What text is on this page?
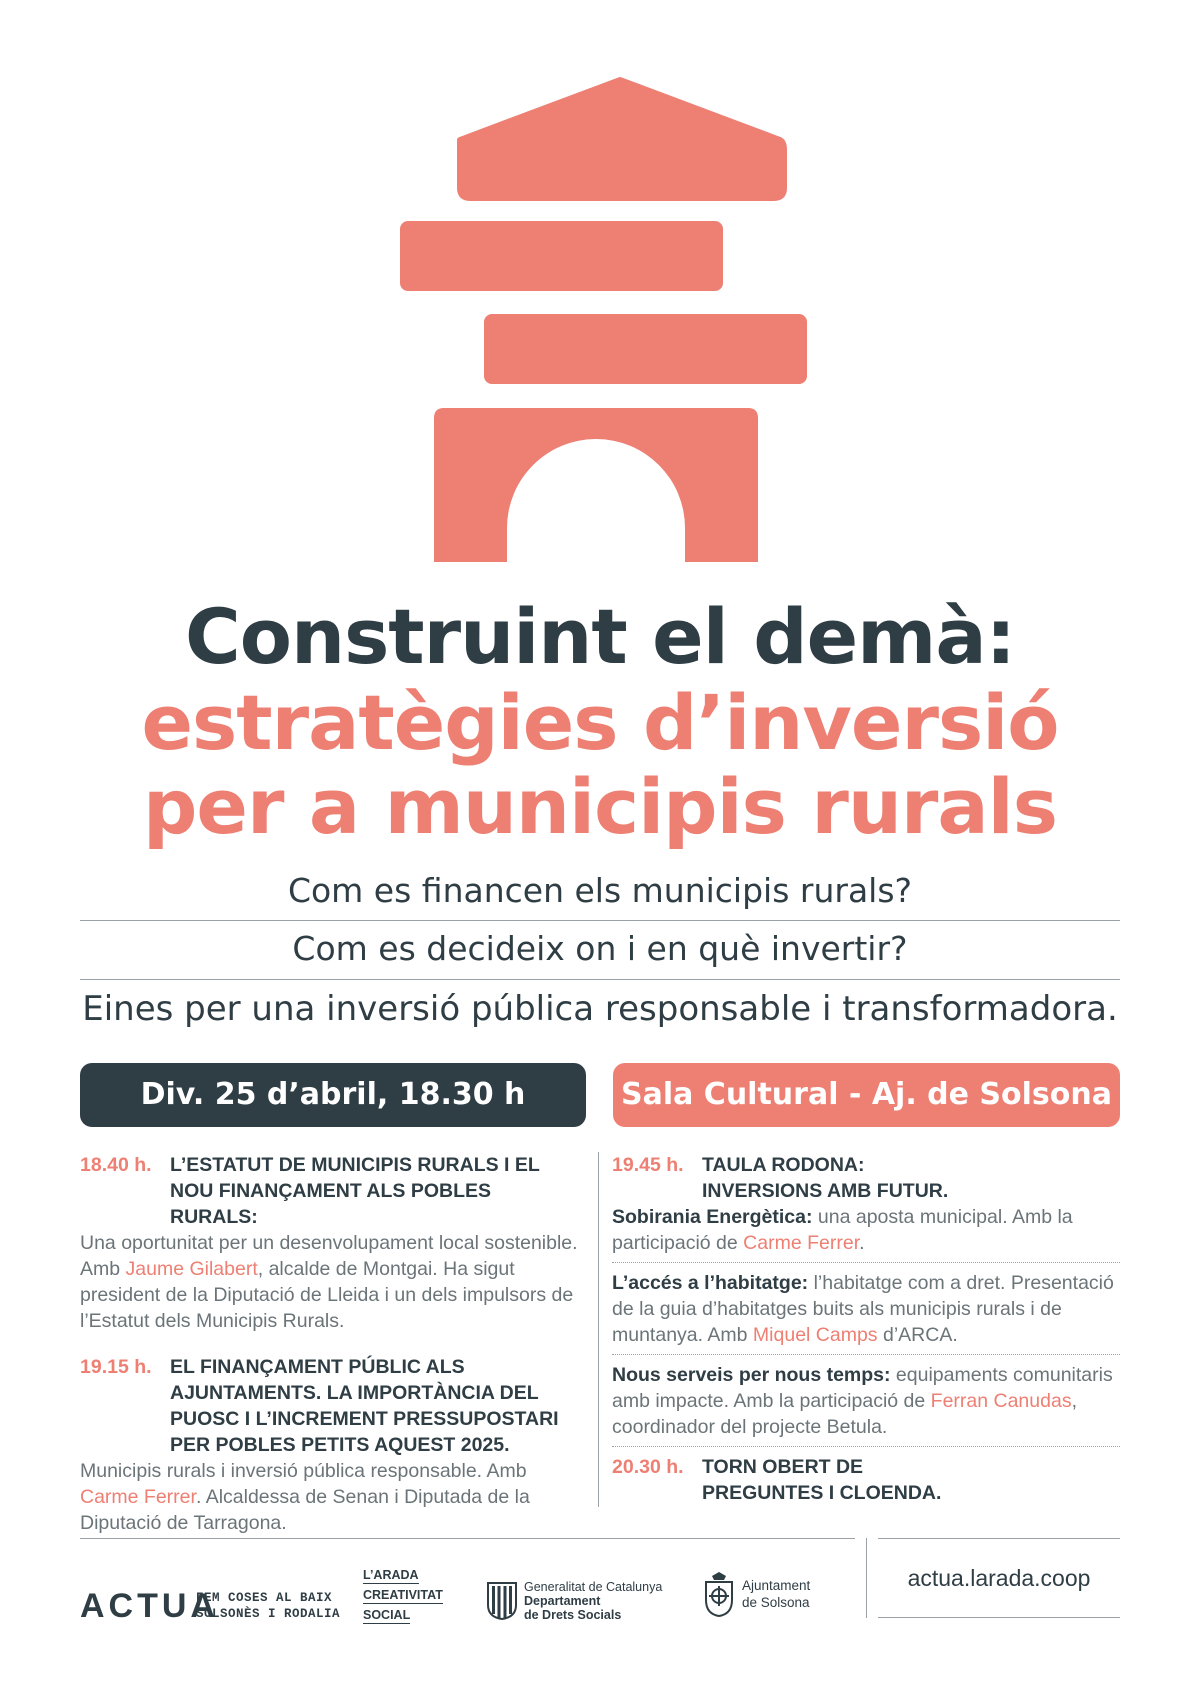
Construint el demà:
estratègies d’inversió
per a municipis rurals
Com es financen els municipis rurals?
Com es decideix on i en què invertir?
Eines per una inversió pública responsable i transformadora.
Div. 25 d’abril, 18.30 h	Sala Cultural - Aj. de Solsona
18.40 h. L’ESTATUT DE MUNICIPIS RURALS I EL NOU FINANÇAMENT ALS POBLES RURALS:

Una oportunitat per un desenvolupament local sostenible. Amb Jaume Gilabert, alcalde de Montgai. Ha sigut president de la Diputació de Lleida i un dels impulsors de l’Estatut dels Municipis Rurals.

19.15 h. EL FINANÇAMENT PÚBLIC ALS AJUNTAMENTS. LA IMPORTÀNCIA DEL PUOSC I L’INCREMENT PRESSUPOSTARI PER POBLES PETITS AQUEST 2025.

Municipis rurals i inversió pública responsable. Amb Carme Ferrer. Alcaldessa de Senan i Diputada de la Diputació de Tarragona.

19.45 h. TAULA RODONA: INVERSIONS AMB FUTUR.

Sobirania Energètica: una aposta municipal. Amb la participació de Carme Ferrer.

L’accés a l’habitatge: l’habitatge com a dret. Presentació de la guia d’habitatges buits als municipis rurals i de muntanya. Amb Miquel Camps d’ARCA.

Nous serveis per nous temps: equipaments comunitaris amb impacte. Amb la participació de Ferran Canudas, coordinador del projecte Betula.

20.30 h. TORN OBERT DE PREGUNTES I CLOENDA.
ACTUA
FEM COSES AL BAIX
SOLSONÈS I RODALIA
L’ARADA
CREATIVITAT
SOCIAL
Generalitat de Catalunya
Departament
de Drets Socials
Ajuntament
de Solsona
actua.larada.coop
